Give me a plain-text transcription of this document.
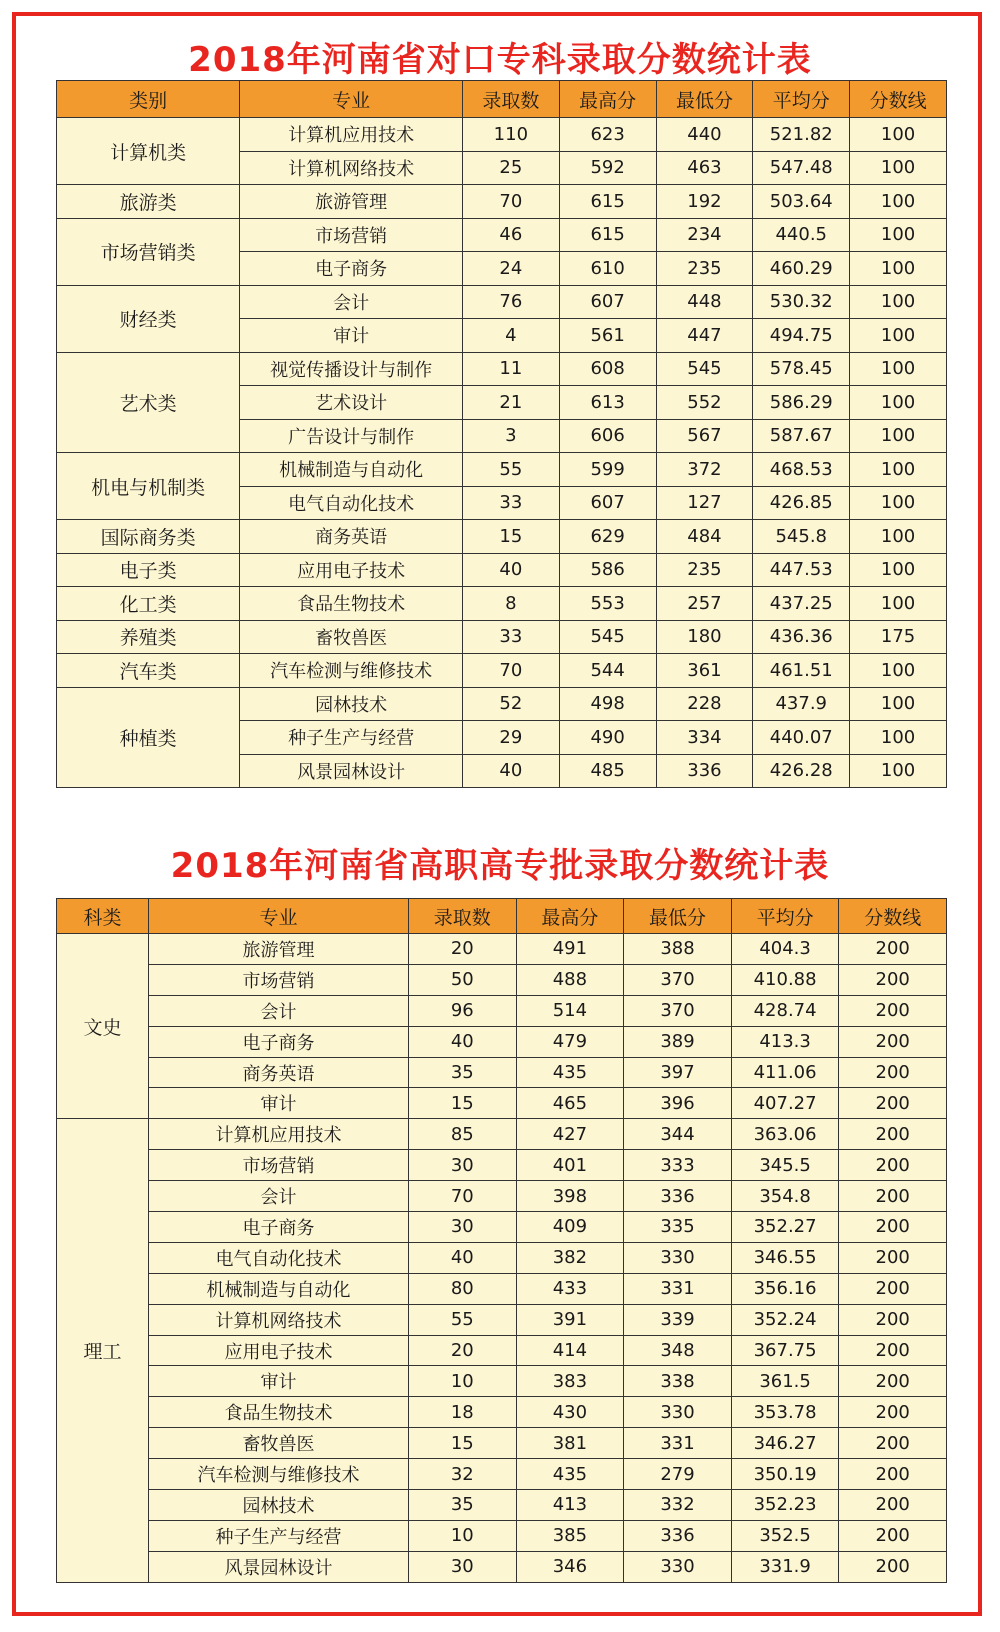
2018年河南省对口专科录取分数统计表
类别	专业	录取数	最高分	最低分	平均分	分数线
计算机类	计算机应用技术	110	623	440	521.82	100
	计算机网络技术	25	592	463	547.48	100
旅游类	旅游管理	70	615	192	503.64	100
市场营销类	市场营销	46	615	234	440.5	100
	电子商务	24	610	235	460.29	100
财经类	会计	76	607	448	530.32	100
	审计	4	561	447	494.75	100
艺术类	视觉传播设计与制作	11	608	545	578.45	100
	艺术设计	21	613	552	586.29	100
	广告设计与制作	3	606	567	587.67	100
机电与机制类	机械制造与自动化	55	599	372	468.53	100
	电气自动化技术	33	607	127	426.85	100
国际商务类	商务英语	15	629	484	545.8	100
电子类	应用电子技术	40	586	235	447.53	100
化工类	食品生物技术	8	553	257	437.25	100
养殖类	畜牧兽医	33	545	180	436.36	175
汽车类	汽车检测与维修技术	70	544	361	461.51	100
种植类	园林技术	52	498	228	437.9	100
	种子生产与经营	29	490	334	440.07	100
	风景园林设计	40	485	336	426.28	100
2018年河南省高职高专批录取分数统计表
科类	专业	录取数	最高分	最低分	平均分	分数线
文史	旅游管理	20	491	388	404.3	200
	市场营销	50	488	370	410.88	200
	会计	96	514	370	428.74	200
	电子商务	40	479	389	413.3	200
	商务英语	35	435	397	411.06	200
	审计	15	465	396	407.27	200
理工	计算机应用技术	85	427	344	363.06	200
	市场营销	30	401	333	345.5	200
	会计	70	398	336	354.8	200
	电子商务	30	409	335	352.27	200
	电气自动化技术	40	382	330	346.55	200
	机械制造与自动化	80	433	331	356.16	200
	计算机网络技术	55	391	339	352.24	200
	应用电子技术	20	414	348	367.75	200
	审计	10	383	338	361.5	200
	食品生物技术	18	430	330	353.78	200
	畜牧兽医	15	381	331	346.27	200
	汽车检测与维修技术	32	435	279	350.19	200
	园林技术	35	413	332	352.23	200
	种子生产与经营	10	385	336	352.5	200
	风景园林设计	30	346	330	331.9	200
